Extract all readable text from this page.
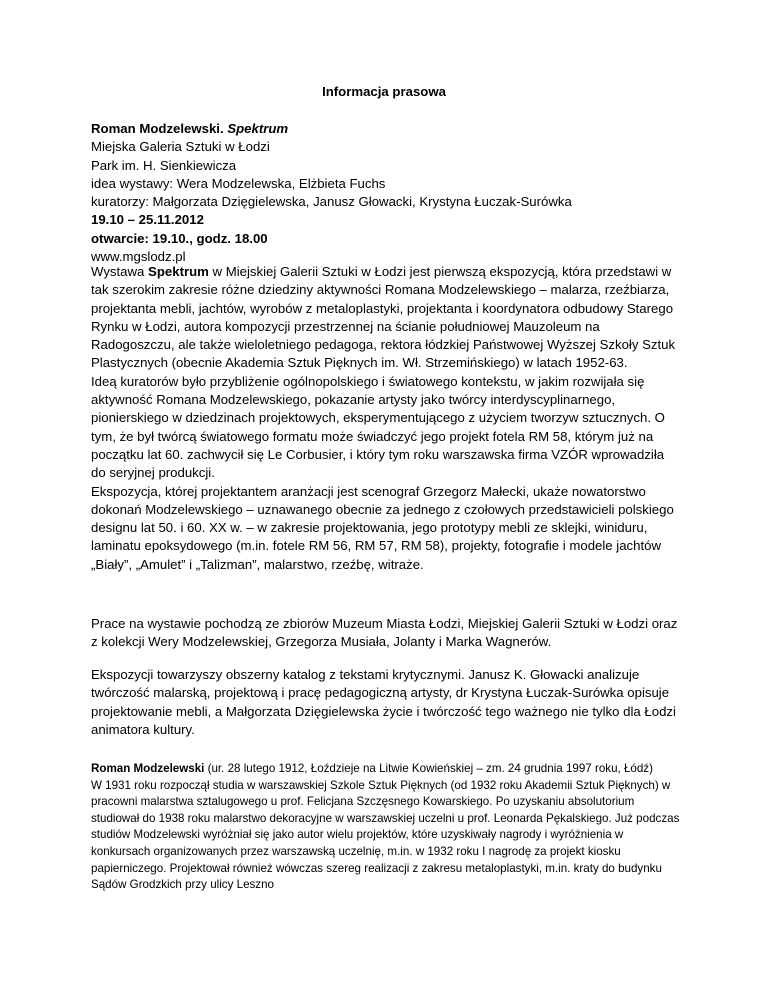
Informacja prasowa
Roman Modzelewski. Spektrum
Miejska Galeria Sztuki w Łodzi
Park im. H. Sienkiewicza
idea wystawy: Wera Modzelewska, Elżbieta Fuchs
kuratorzy: Małgorzata Dzięgielewska, Janusz Głowacki, Krystyna Łuczak-Surówka
19.10 – 25.11.2012
otwarcie: 19.10., godz. 18.00
www.mgslodz.pl
Wystawa Spektrum w Miejskiej Galerii Sztuki w Łodzi jest pierwszą ekspozycją, która przedstawi w tak szerokim zakresie różne dziedziny aktywności Romana Modzelewskiego – malarza, rzeźbiarza, projektanta mebli, jachtów, wyrobów z metaloplastyki, projektanta i koordynatora odbudowy Starego Rynku w Łodzi, autora kompozycji przestrzennej na ścianie południowej Mauzoleum na Radogoszczu, ale także wieloletniego pedagoga, rektora łódzkiej Państwowej Wyższej Szkoły Sztuk Plastycznych (obecnie Akademia Sztuk Pięknych im. Wł. Strzemińskiego) w latach 1952-63.
Ideą kuratorów było przybliżenie ogólnopolskiego i światowego kontekstu, w jakim rozwijała się aktywność Romana Modzelewskiego, pokazanie artysty jako twórcy interdyscyplinarnego, pionierskiego w dziedzinach projektowych, eksperymentującego z użyciem tworzyw sztucznych. O tym, że był twórcą światowego formatu może świadczyć jego projekt fotela RM 58, którym już na początku lat 60. zachwycił się Le Corbusier, i który tym roku warszawska firma VZÓR wprowadziła do seryjnej produkcji.
Ekspozycja, której projektantem aranżacji jest scenograf Grzegorz Małecki, ukaże nowatorstwo dokonań Modzelewskiego – uznawanego obecnie za jednego z czołowych przedstawicieli polskiego designu lat 50. i 60. XX w. – w zakresie projektowania, jego prototypy mebli ze sklejki, winiduru, laminatu epoksydowego (m.in. fotele RM 56, RM 57, RM 58), projekty, fotografie i modele jachtów „Biały”, „Amulet” i „Talizman”, malarstwo, rzeźbę, witraże.

Prace na wystawie pochodzą ze zbiorów Muzeum Miasta Łodzi, Miejskiej Galerii Sztuki w Łodzi oraz z kolekcji Wery Modzelewskiej, Grzegorza Musiała, Jolanty i Marka Wagnerów.

Ekspozycji towarzyszy obszerny katalog z tekstami krytycznymi. Janusz K. Głowacki analizuje twórczość malarską, projektową i pracę pedagogiczną artysty, dr Krystyna Łuczak-Surówka opisuje projektowanie mebli, a Małgorzata Dzięgielewska życie i twórczość tego ważnego nie tylko dla Łodzi animatora kultury.

Roman Modzelewski (ur. 28 lutego 1912, Łoździeje na Litwie Kowieńskiej – zm. 24 grudnia 1997 roku, Łódź)
W 1931 roku rozpoczął studia w warszawskiej Szkole Sztuk Pięknych (od 1932 roku Akademii Sztuk Pięknych) w pracowni malarstwa sztalugowego u prof. Felicjana Szczęsnego Kowarskiego. Po uzyskaniu absolutorium studiował do 1938 roku malarstwo dekoracyjne w warszawskiej uczelni u prof. Leonarda Pękalskiego. Już podczas studiów Modzelewski wyróżniał się jako autor wielu projektów, które uzyskiwały nagrody i wyróżnienia w konkursach organizowanych przez warszawską uczelnię, m.in. w 1932 roku I nagrodę za projekt kiosku papierniczego. Projektował również wówczas szereg realizacji z zakresu metaloplastyki, m.in. kraty do budynku Sądów Grodzkich przy ulicy Leszno
